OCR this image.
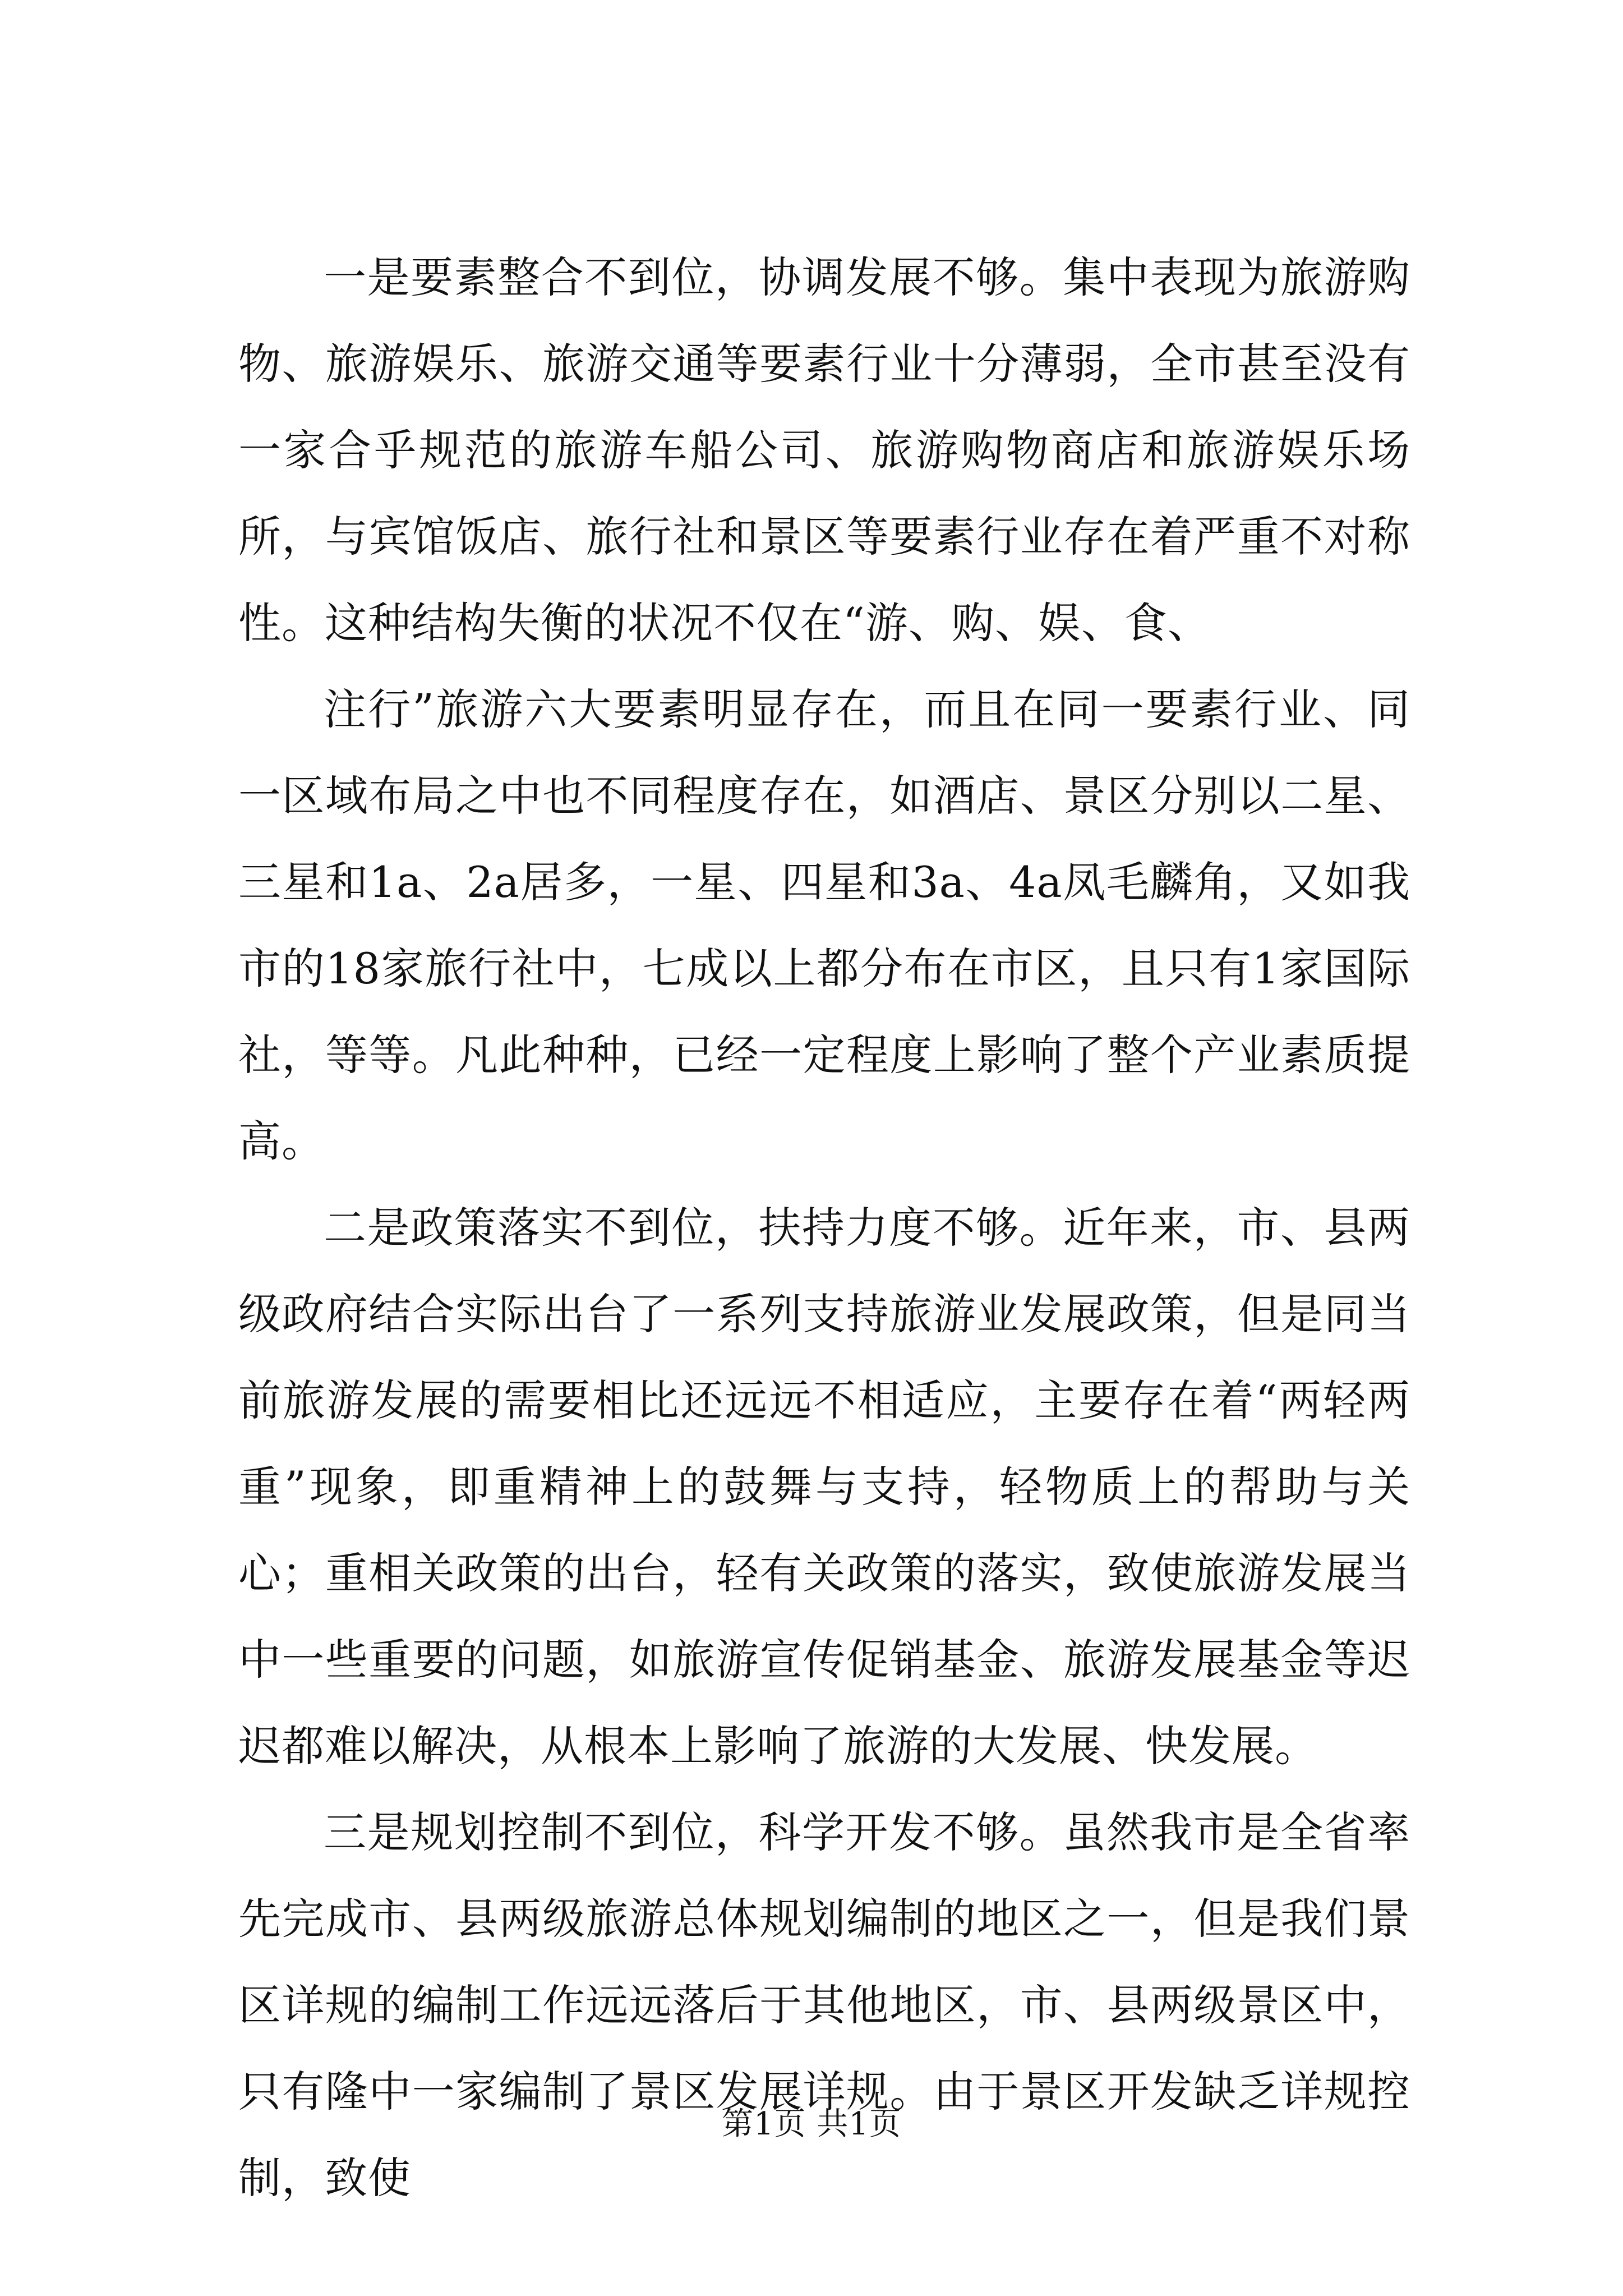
一是要素整合不到位，协调发展不够。集中表现为旅游购物、旅游娱乐、旅游交通等要素行业十分薄弱，全市甚至没有一家合乎规范的旅游车船公司、旅游购物商店和旅游娱乐场所，与宾馆饭店、旅行社和景区等要素行业存在着严重不对称性。这种结构失衡的状况不仅在“游、购、娱、食、

注行”旅游六大要素明显存在，而且在同一要素行业、同一区域布局之中也不同程度存在，如酒店、景区分别以二星、三星和1a、2a居多，一星、四星和3a、4a凤毛麟角，又如我市的18家旅行社中，七成以上都分布在市区，且只有1家国际社，等等。凡此种种，已经一定程度上影响了整个产业素质提高。

二是政策落实不到位，扶持力度不够。近年来，市、县两级政府结合实际出台了一系列支持旅游业发展政策，但是同当前旅游发展的需要相比还远远不相适应，主要存在着“两轻两重”现象，即重精神上的鼓舞与支持，轻物质上的帮助与关心；重相关政策的出台，轻有关政策的落实，致使旅游发展当中一些重要的问题，如旅游宣传促销基金、旅游发展基金等迟迟都难以解决，从根本上影响了旅游的大发展、快发展。

三是规划控制不到位，科学开发不够。虽然我市是全省率先完成市、县两级旅游总体规划编制的地区之一，但是我们景区详规的编制工作远远落后于其他地区，市、县两级景区中，只有隆中一家编制了景区发展详规。由于景区开发缺乏详规控制，致使

第1页 共1页
